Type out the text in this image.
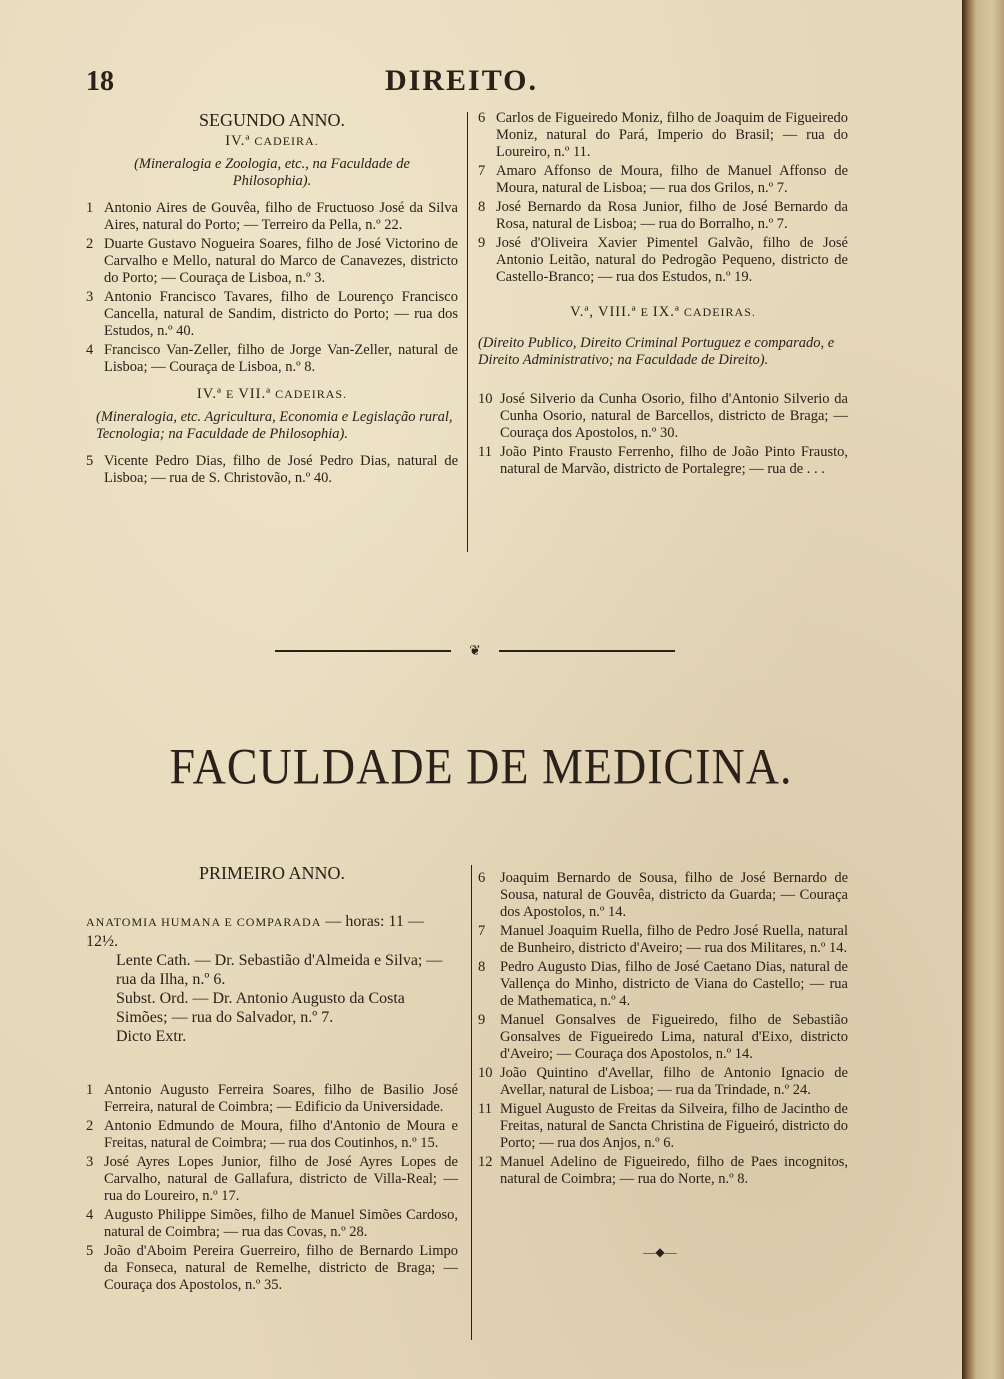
18	DIREITO.
SEGUNDO ANNO.
IV.ª CADEIRA.
(Mineralogia e Zoologia, etc., na Faculdade de Philosophia).
1 Antonio Aires de Gouvêa, filho de Fructuoso José da Silva Aires, natural do Porto; — Terreiro da Pella, n.º 22.
2 Duarte Gustavo Nogueira Soares, filho de José Victorino de Carvalho e Mello, natural do Marco de Canavezes, districto do Porto; — Couraça de Lisboa, n.º 3.
3 Antonio Francisco Tavares, filho de Lourenço Francisco Cancella, natural de Sandim, districto do Porto; — rua dos Estudos, n.º 40.
4 Francisco Van-Zeller, filho de Jorge Van-Zeller, natural de Lisboa; — Couraça de Lisboa, n.º 8.
IV.ª E VII.ª CADEIRAS.
(Mineralogia, etc. Agricultura, Economia e Legislação rural, Tecnologia; na Faculdade de Philosophia).
5 Vicente Pedro Dias, filho de José Pedro Dias, natural de Lisboa; — rua de S. Christovão, n.º 40.
6 Carlos de Figueiredo Moniz, filho de Joaquim de Figueiredo Moniz, natural do Pará, Imperio do Brasil; — rua do Loureiro, n.º 11.
7 Amaro Affonso de Moura, filho de Manuel Affonso de Moura, natural de Lisboa; — rua dos Grilos, n.º 7.
8 José Bernardo da Rosa Junior, filho de José Bernardo da Rosa, natural de Lisboa; — rua do Borralho, n.º 7.
9 José d'Oliveira Xavier Pimentel Galvão, filho de José Antonio Leitão, natural do Pedrogão Pequeno, districto de Castello-Branco; — rua dos Estudos, n.º 19.
V.ª, VIII.ª E IX.ª CADEIRAS.
(Direito Publico, Direito Criminal Portuguez e comparado, e Direito Administrativo; na Faculdade de Direito).
10 José Silverio da Cunha Osorio, filho d'Antonio Silverio da Cunha Osorio, natural de Barcellos, districto de Braga; — Couraça dos Apostolos, n.º 30.
11 João Pinto Frausto Ferrenho, filho de João Pinto Frausto, natural de Marvão, districto de Portalegre; — rua de . . .
❦
FACULDADE DE MEDICINA.
PRIMEIRO ANNO.
ANATOMIA HUMANA E COMPARADA — horas: 11 — 12½.
Lente Cath. — Dr. Sebastião d'Almeida e Silva; — rua da Ilha, n.º 6.
Subst. Ord. — Dr. Antonio Augusto da Costa Simões; — rua do Salvador, n.º 7.
Dicto Extr.
1 Antonio Augusto Ferreira Soares, filho de Basilio José Ferreira, natural de Coimbra; — Edificio da Universidade.
2 Antonio Edmundo de Moura, filho d'Antonio de Moura e Freitas, natural de Coimbra; — rua dos Coutinhos, n.º 15.
3 José Ayres Lopes Junior, filho de José Ayres Lopes de Carvalho, natural de Gallafura, districto de Villa-Real; — rua do Loureiro, n.º 17.
4 Augusto Philippe Simões, filho de Manuel Simões Cardoso, natural de Coimbra; — rua das Covas, n.º 28.
5 João d'Aboim Pereira Guerreiro, filho de Bernardo Limpo da Fonseca, natural de Remelhe, districto de Braga; — Couraça dos Apostolos, n.º 35.
6	Joaquim Bernardo de Sousa, filho de José Bernardo de Sousa, natural de Gouvêa, districto da Guarda; — Couraça dos Apostolos, n.º 14.
7	Manuel Joaquim Ruella, filho de Pedro José Ruella, natural de Bunheiro, districto d'Aveiro; — rua dos Militares, n.º 14.
8	Pedro Augusto Dias, filho de José Caetano Dias, natural de Vallença do Minho, districto de Viana do Castello; — rua de Mathematica, n.º 4.
9	Manuel Gonsalves de Figueiredo, filho de Sebastião Gonsalves de Figueiredo Lima, natural d'Eixo, districto d'Aveiro; — Couraça dos Apostolos, n.º 14.
10 João Quintino d'Avellar, filho de Antonio Ignacio de Avellar, natural de Lisboa; — rua da Trindade, n.º 24.
11 Miguel Augusto de Freitas da Silveira, filho de Jacintho de Freitas, natural de Sancta Christina de Figueiró, districto do Porto; — rua dos Anjos, n.º 6.
12 Manuel Adelino de Figueiredo, filho de Paes incognitos, natural de Coimbra; — rua do Norte, n.º 8.
—◆—
